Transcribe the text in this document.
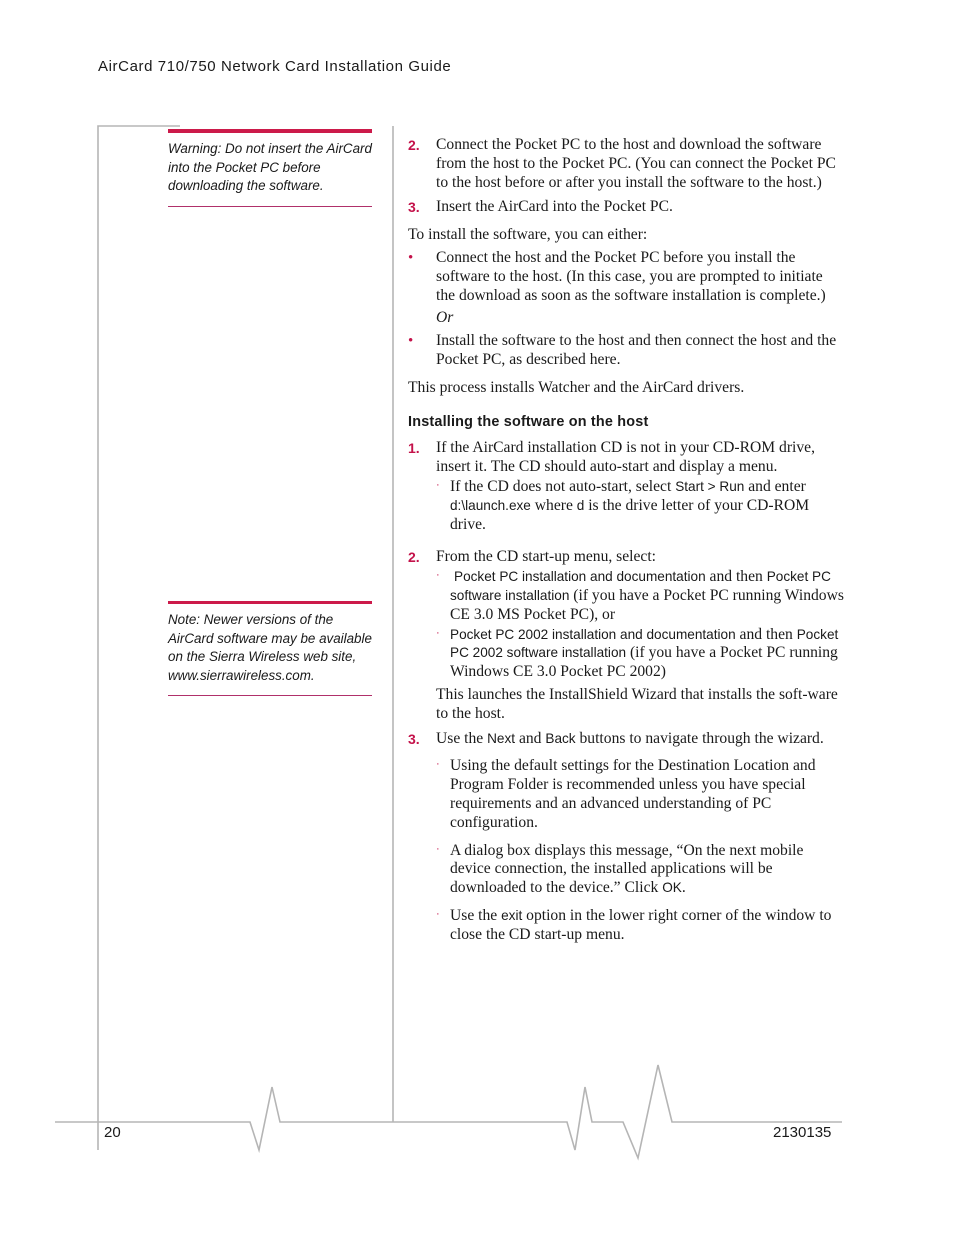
AirCard 710/750 Network Card Installation Guide
Warning: Do not insert the AirCard into the Pocket PC before downloading the software.
Note: Newer versions of the AirCard software may be available on the Sierra Wireless web site, www.sierrawireless.com.
2. Connect the Pocket PC to the host and download the software from the host to the Pocket PC. (You can connect the Pocket PC to the host before or after you install the software to the host.)
3. Insert the AirCard into the Pocket PC.
To install the software, you can either:
• Connect the host and the Pocket PC before you install the software to the host. (In this case, you are prompted to initiate the download as soon as the software installation is complete.)
Or
• Install the software to the host and then connect the host and the Pocket PC, as described here.
This process installs Watcher and the AirCard drivers.
Installing the software on the host
1. If the AirCard installation CD is not in your CD-ROM drive, insert it. The CD should auto-start and display a menu.
· If the CD does not auto-start, select Start > Run and enter d:\launch.exe where d is the drive letter of your CD-ROM drive.
2. From the CD start-up menu, select:
· Pocket PC installation and documentation and then Pocket PC software installation (if you have a Pocket PC running Windows CE 3.0 MS Pocket PC), or
· Pocket PC 2002 installation and documentation and then Pocket PC 2002 software installation (if you have a Pocket PC running Windows CE 3.0 Pocket PC 2002)
This launches the InstallShield Wizard that installs the soft-ware to the host.
3. Use the Next and Back buttons to navigate through the wizard.
· Using the default settings for the Destination Location and Program Folder is recommended unless you have special requirements and an advanced understanding of PC configuration.
· A dialog box displays this message, “On the next mobile device connection, the installed applications will be downloaded to the device.” Click OK.
· Use the exit option in the lower right corner of the window to close the CD start-up menu.
20	2130135
